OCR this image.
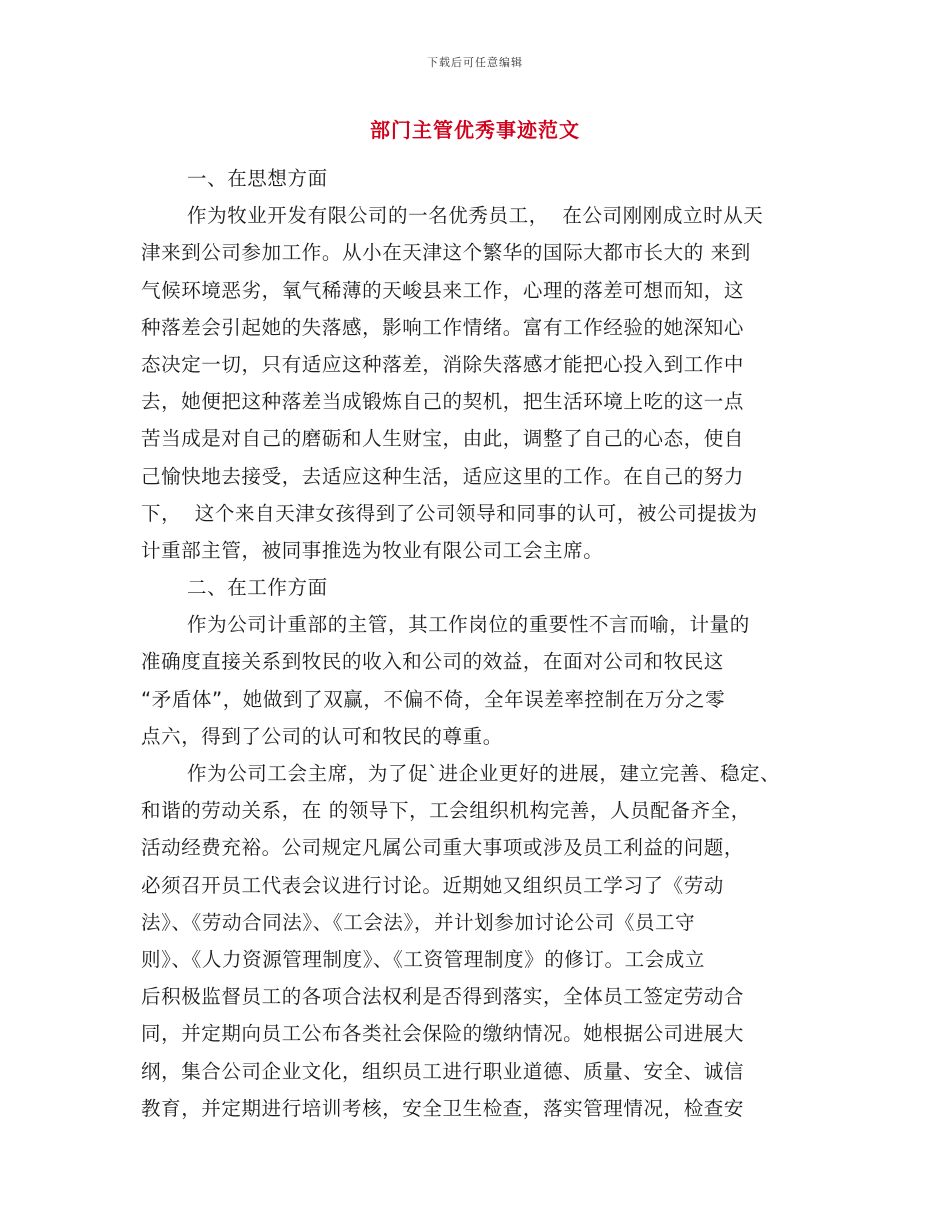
下载后可任意编辑
部门主管优秀事迹范文
一、在思想方面
作为牧业开发有限公司的一名优秀员工，  在公司刚刚成立时从天
津来到公司参加工作。从小在天津这个繁华的国际大都市长大的 来到
气候环境恶劣，氧气稀薄的天峻县来工作，心理的落差可想而知，这
种落差会引起她的失落感，影响工作情绪。富有工作经验的她深知心
态决定一切，只有适应这种落差，消除失落感才能把心投入到工作中
去，她便把这种落差当成锻炼自己的契机，把生活环境上吃的这一点
苦当成是对自己的磨砺和人生财宝，由此，调整了自己的心态，使自
己愉快地去接受，去适应这种生活，适应这里的工作。在自己的努力
下，  这个来自天津女孩得到了公司领导和同事的认可，被公司提拔为
计重部主管，被同事推选为牧业有限公司工会主席。
二、在工作方面
作为公司计重部的主管，其工作岗位的重要性不言而喻，计量的
准确度直接关系到牧民的收入和公司的效益，在面对公司和牧民这
“矛盾体”，她做到了双赢，不偏不倚，全年误差率控制在万分之零
点六，得到了公司的认可和牧民的尊重。
作为公司工会主席，为了促`进企业更好的进展，建立完善、稳定、
和谐的劳动关系，在 的领导下，工会组织机构完善，人员配备齐全，
活动经费充裕。公司规定凡属公司重大事项或涉及员工利益的问题，
必须召开员工代表会议进行讨论。近期她又组织员工学习了《劳动
法》、《劳动合同法》、《工会法》，并计划参加讨论公司《员工守
则》、《人力资源管理制度》、《工资管理制度》的修订。工会成立
后积极监督员工的各项合法权利是否得到落实，全体员工签定劳动合
同，并定期向员工公布各类社会保险的缴纳情况。她根据公司进展大
纲，集合公司企业文化，组织员工进行职业道德、质量、安全、诚信
教育，并定期进行培训考核，安全卫生检查，落实管理情况，检查安
